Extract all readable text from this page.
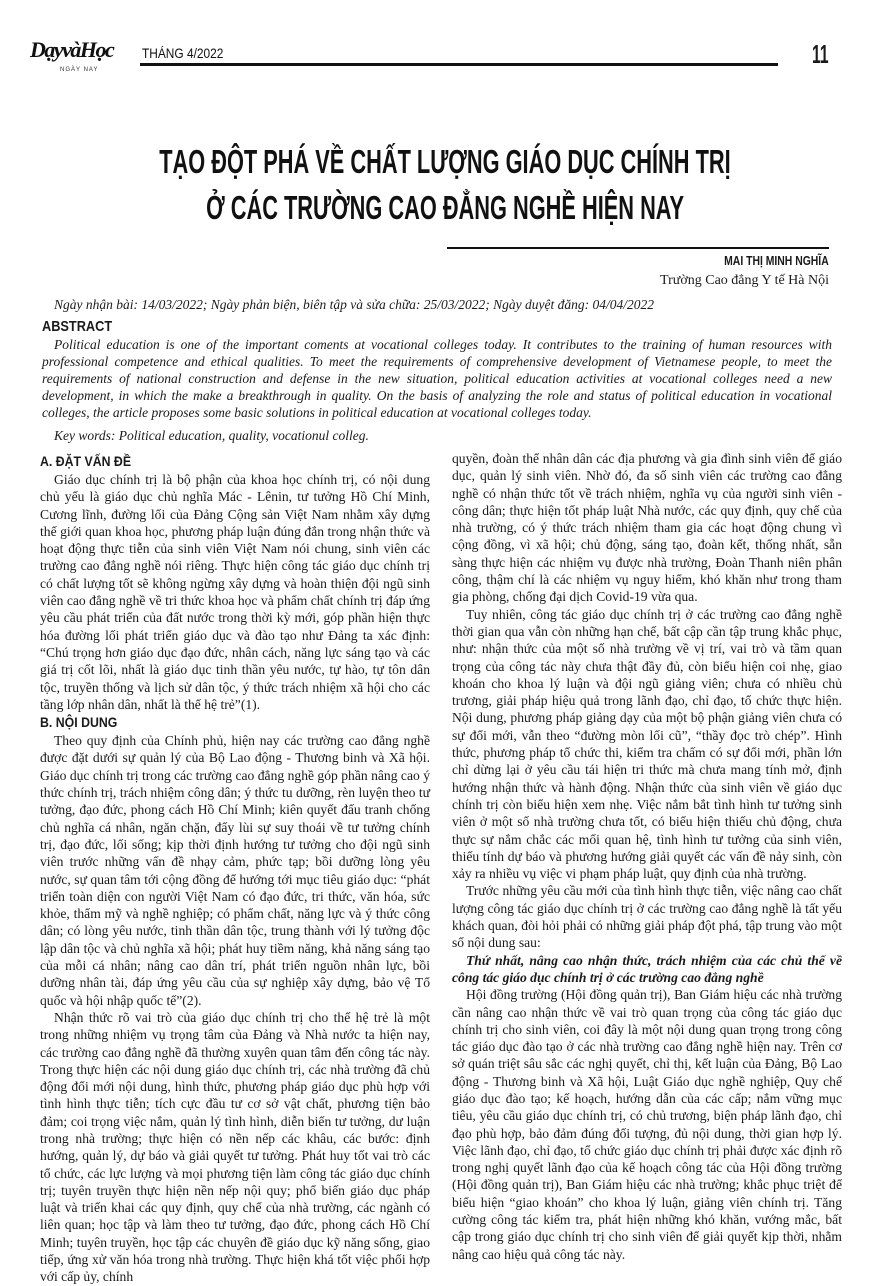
DạyvàHọc
NGÀY NAY
THÁNG 4/2022	11
TẠO ĐỘT PHÁ VỀ CHẤT LƯỢNG GIÁO DỤC CHÍNH TRỊ
Ở CÁC TRƯỜNG CAO ĐẲNG NGHỀ HIỆN NAY
MAI THỊ MINH NGHĨA
Trường Cao đẳng Y tế Hà Nội
Ngày nhận bài: 14/03/2022; Ngày phản biện, biên tập và sửa chữa: 25/03/2022; Ngày duyệt đăng: 04/04/2022
ABSTRACT
Political education is one of the important coments at vocational colleges today. It contributes to the training of human resources with professional competence and ethical qualities. To meet the requirements of comprehensive development of Vietnamese people, to meet the requirements of national construction and defense in the new situation, political education activities at vocational colleges need a new development, in which the make a breakthrough in quality. On the basis of analyzing the role and status of political education in vocational colleges, the article proposes some basic solutions in political education at vocational colleges today.
Key words: Political education, quality, vocationul colleg.
A. ĐẶT VẤN ĐỀ

Giáo dục chính trị là bộ phận của khoa học chính trị, có nội dung chủ yếu là giáo dục chủ nghĩa Mác - Lênin, tư tưởng Hồ Chí Minh, Cương lĩnh, đường lối của Đảng Cộng sản Việt Nam nhằm xây dựng thế giới quan khoa học, phương pháp luận đúng đắn trong nhận thức và hoạt động thực tiễn của sinh viên Việt Nam nói chung, sinh viên các trường cao đẳng nghề nói riêng. Thực hiện công tác giáo dục chính trị có chất lượng tốt sẽ không ngừng xây dựng và hoàn thiện đội ngũ sinh viên cao đẳng nghề về tri thức khoa học và phẩm chất chính trị đáp ứng yêu cầu phát triển của đất nước trong thời kỳ mới, góp phần hiện thực hóa đường lối phát triển giáo dục và đào tạo như Đảng ta xác định: “Chú trọng hơn giáo dục đạo đức, nhân cách, năng lực sáng tạo và các giá trị cốt lõi, nhất là giáo dục tinh thần yêu nước, tự hào, tự tôn dân tộc, truyền thống và lịch sử dân tộc, ý thức trách nhiệm xã hội cho các tầng lớp nhân dân, nhất là thế hệ trẻ”(1).

B. NỘI DUNG

Theo quy định của Chính phủ, hiện nay các trường cao đẳng nghề được đặt dưới sự quản lý của Bộ Lao động - Thương binh và Xã hội. Giáo dục chính trị trong các trường cao đẳng nghề góp phần nâng cao ý thức chính trị, trách nhiệm công dân; ý thức tu dưỡng, rèn luyện theo tư tưởng, đạo đức, phong cách Hồ Chí Minh; kiên quyết đấu tranh chống chủ nghĩa cá nhân, ngăn chặn, đẩy lùi sự suy thoái về tư tưởng chính trị, đạo đức, lối sống; kịp thời định hướng tư tưởng cho đội ngũ sinh viên trước những vấn đề nhạy cảm, phức tạp; bồi dưỡng lòng yêu nước, sự quan tâm tới cộng đồng để hướng tới mục tiêu giáo dục: “phát triển toàn diện con người Việt Nam có đạo đức, tri thức, văn hóa, sức khỏe, thẩm mỹ và nghề nghiệp; có phẩm chất, năng lực và ý thức công dân; có lòng yêu nước, tinh thần dân tộc, trung thành với lý tưởng độc lập dân tộc và chủ nghĩa xã hội; phát huy tiềm năng, khả năng sáng tạo của mỗi cá nhân; nâng cao dân trí, phát triển nguồn nhân lực, bồi dưỡng nhân tài, đáp ứng yêu cầu của sự nghiệp xây dựng, bảo vệ Tổ quốc và hội nhập quốc tế”(2).

Nhận thức rõ vai trò của giáo dục chính trị cho thế hệ trẻ là một trong những nhiệm vụ trọng tâm của Đảng và Nhà nước ta hiện nay, các trường cao đẳng nghề đã thường xuyên quan tâm đến công tác này. Trong thực hiện các nội dung giáo dục chính trị, các nhà trường đã chủ động đổi mới nội dung, hình thức, phương pháp giáo dục phù hợp với tình hình thực tiễn; tích cực đầu tư cơ sở vật chất, phương tiện bảo đảm; coi trọng việc nắm, quản lý tình hình, diễn biến tư tưởng, dư luận trong nhà trường; thực hiện có nền nếp các khâu, các bước: định hướng, quản lý, dự báo và giải quyết tư tưởng. Phát huy tốt vai trò các tổ chức, các lực lượng và mọi phương tiện làm công tác giáo dục chính trị; tuyên truyền thực hiện nền nếp nội quy; phổ biến giáo dục pháp luật và triển khai các quy định, quy chế của nhà trường, các ngành có liên quan; học tập và làm theo tư tưởng, đạo đức, phong cách Hồ Chí Minh; tuyên truyền, học tập các chuyên đề giáo dục kỹ năng sống, giao tiếp, ứng xử văn hóa trong nhà trường. Thực hiện khá tốt việc phối hợp với cấp ủy, chính

quyền, đoàn thể nhân dân các địa phương và gia đình sinh viên để giáo dục, quản lý sinh viên. Nhờ đó, đa số sinh viên các trường cao đẳng nghề có nhận thức tốt về trách nhiệm, nghĩa vụ của người sinh viên - công dân; thực hiện tốt pháp luật Nhà nước, các quy định, quy chế của nhà trường, có ý thức trách nhiệm tham gia các hoạt động chung vì cộng đồng, vì xã hội; chủ động, sáng tạo, đoàn kết, thống nhất, sẵn sàng thực hiện các nhiệm vụ được nhà trường, Đoàn Thanh niên phân công, thậm chí là các nhiệm vụ nguy hiểm, khó khăn như trong tham gia phòng, chống đại dịch Covid-19 vừa qua.

Tuy nhiên, công tác giáo dục chính trị ở các trường cao đẳng nghề thời gian qua vẫn còn những hạn chế, bất cập cần tập trung khắc phục, như: nhận thức của một số nhà trường về vị trí, vai trò và tầm quan trọng của công tác này chưa thật đầy đủ, còn biểu hiện coi nhẹ, giao khoán cho khoa lý luận và đội ngũ giảng viên; chưa có nhiều chủ trương, giải pháp hiệu quả trong lãnh đạo, chỉ đạo, tổ chức thực hiện. Nội dung, phương pháp giảng dạy của một bộ phận giảng viên chưa có sự đổi mới, vẫn theo “đường mòn lối cũ”, “thầy đọc trò chép”. Hình thức, phương pháp tổ chức thi, kiểm tra chấm có sự đổi mới, phần lớn chỉ dừng lại ở yêu cầu tái hiện tri thức mà chưa mang tính mở, định hướng nhận thức và hành động. Nhận thức của sinh viên về giáo dục chính trị còn biểu hiện xem nhẹ. Việc nắm bắt tình hình tư tưởng sinh viên ở một số nhà trường chưa tốt, có biểu hiện thiếu chủ động, chưa thực sự nắm chắc các mối quan hệ, tình hình tư tưởng của sinh viên, thiếu tính dự báo và phương hướng giải quyết các vấn đề nảy sinh, còn xảy ra nhiều vụ việc vi phạm pháp luật, quy định của nhà trường.

Trước những yêu cầu mới của tình hình thực tiễn, việc nâng cao chất lượng công tác giáo dục chính trị ở các trường cao đẳng nghề là tất yếu khách quan, đòi hỏi phải có những giải pháp đột phá, tập trung vào một số nội dung sau:

Thứ nhất, nâng cao nhận thức, trách nhiệm của các chủ thể về công tác giáo dục chính trị ở các trường cao đẳng nghề

Hội đồng trường (Hội đồng quản trị), Ban Giám hiệu các nhà trường cần nâng cao nhận thức về vai trò quan trọng của công tác giáo dục chính trị cho sinh viên, coi đây là một nội dung quan trọng trong công tác giáo dục đào tạo ở các nhà trường cao đẳng nghề hiện nay. Trên cơ sở quán triệt sâu sắc các nghị quyết, chỉ thị, kết luận của Đảng, Bộ Lao động - Thương binh và Xã hội, Luật Giáo dục nghề nghiệp, Quy chế giáo dục đào tạo; kế hoạch, hướng dẫn của các cấp; nắm vững mục tiêu, yêu cầu giáo dục chính trị, có chủ trương, biện pháp lãnh đạo, chỉ đạo phù hợp, bảo đảm đúng đối tượng, đủ nội dung, thời gian hợp lý. Việc lãnh đạo, chỉ đạo, tổ chức giáo dục chính trị phải được xác định rõ trong nghị quyết lãnh đạo của kế hoạch công tác của Hội đồng trường (Hội đồng quản trị), Ban Giám hiệu các nhà trường; khắc phục triệt để biểu hiện “giao khoán” cho khoa lý luận, giảng viên chính trị. Tăng cường công tác kiểm tra, phát hiện những khó khăn, vướng mắc, bất cập trong giáo dục chính trị cho sinh viên để giải quyết kịp thời, nhằm nâng cao hiệu quả công tác này.
